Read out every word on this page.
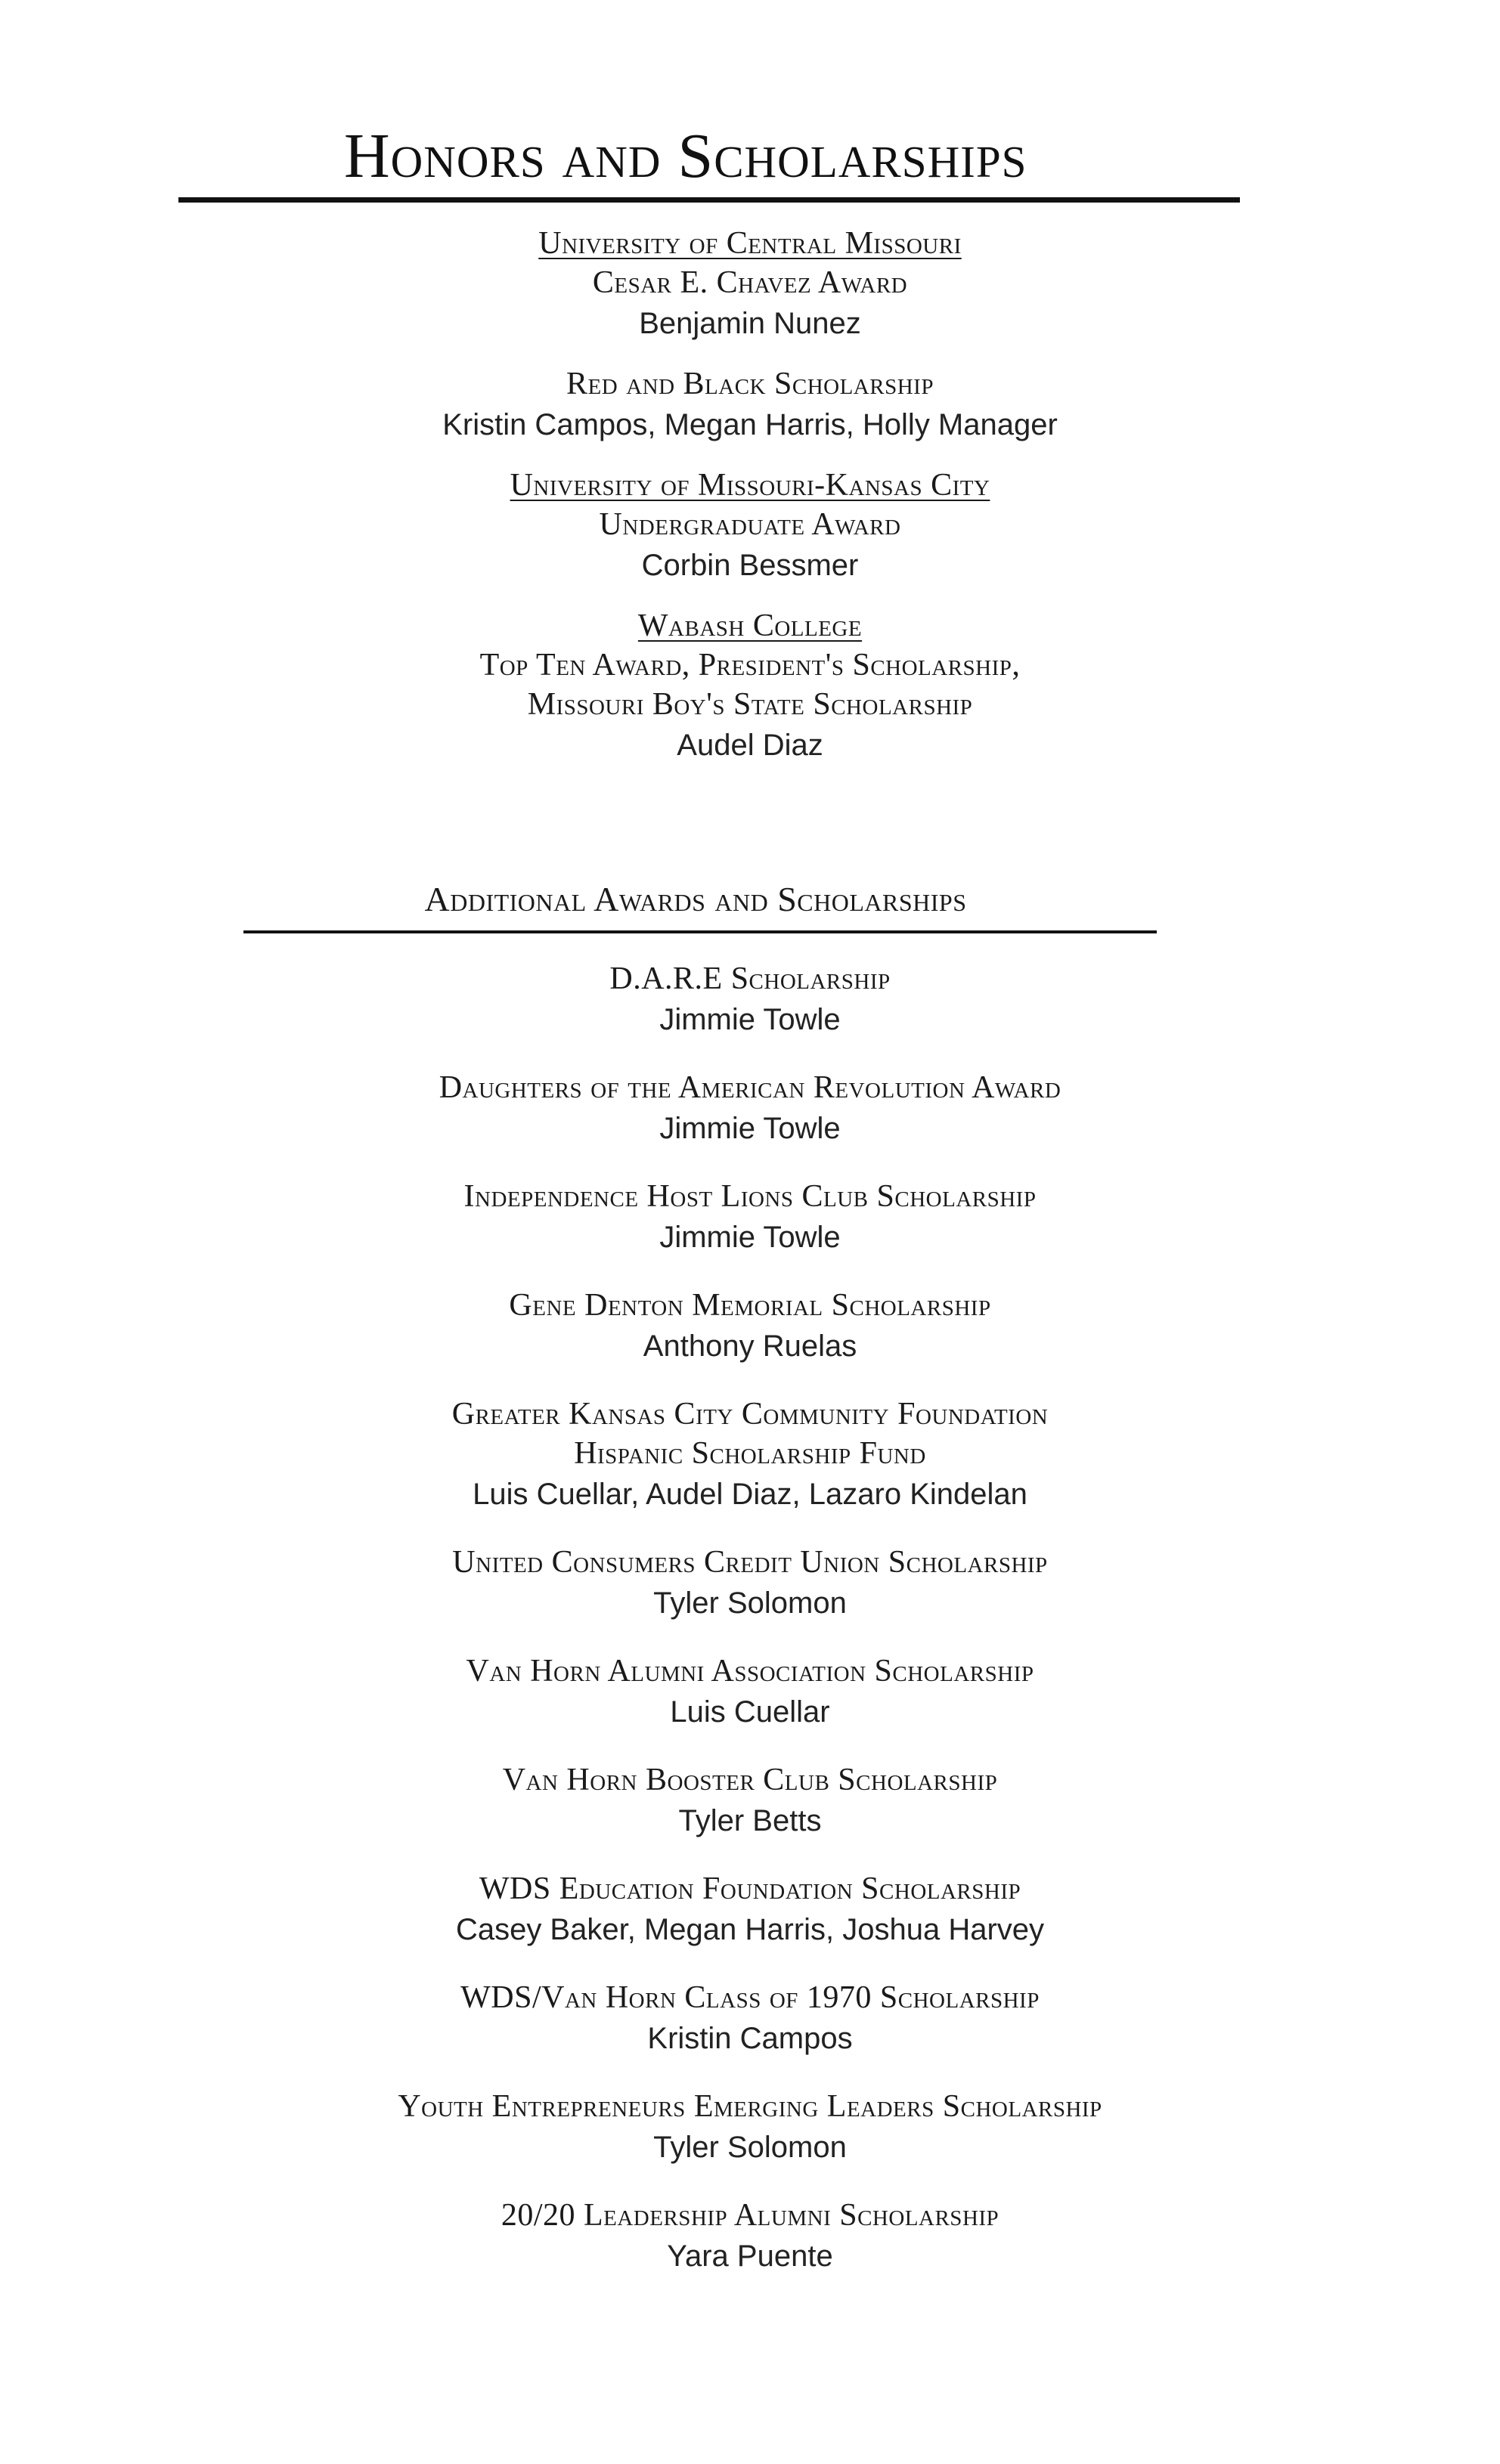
Honors and Scholarships
University of Central Missouri
Cesar E. Chavez Award
Benjamin Nunez
Red and Black Scholarship
Kristin Campos, Megan Harris, Holly Manager
University of Missouri-Kansas City
Undergraduate Award
Corbin Bessmer
Wabash College
Top Ten Award, President's Scholarship,
Missouri Boy's State Scholarship
Audel Diaz
Additional Awards and Scholarships
D.A.R.E Scholarship
Jimmie Towle
Daughters of the American Revolution Award
Jimmie Towle
Independence Host Lions Club Scholarship
Jimmie Towle
Gene Denton Memorial Scholarship
Anthony Ruelas
Greater Kansas City Community Foundation
Hispanic Scholarship Fund
Luis Cuellar, Audel Diaz, Lazaro Kindelan
United Consumers Credit Union Scholarship
Tyler Solomon
Van Horn Alumni Association Scholarship
Luis Cuellar
Van Horn Booster Club Scholarship
Tyler Betts
WDS Education Foundation Scholarship
Casey Baker, Megan Harris, Joshua Harvey
WDS/Van Horn Class of 1970 Scholarship
Kristin Campos
Youth Entrepreneurs Emerging Leaders Scholarship
Tyler Solomon
20/20 Leadership Alumni Scholarship
Yara Puente
